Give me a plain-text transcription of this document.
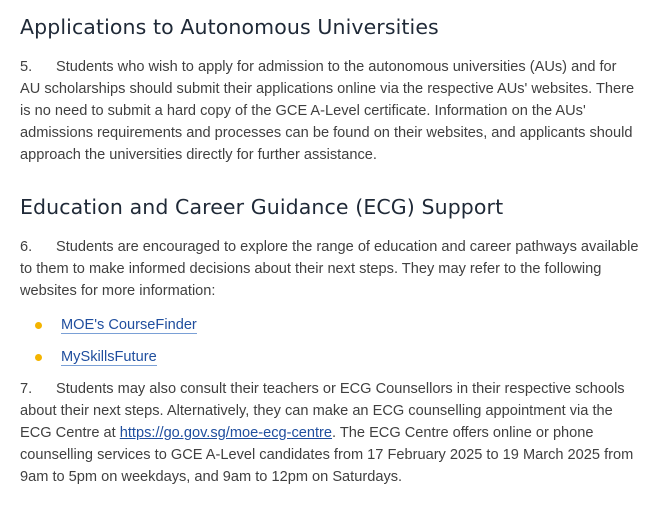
Applications to Autonomous Universities

5. Students who wish to apply for admission to the autonomous universities (AUs) and for AU scholarships should submit their applications online via the respective AUs' websites. There is no need to submit a hard copy of the GCE A-Level certificate. Information on the AUs' admissions requirements and processes can be found on their websites, and applicants should approach the universities directly for further assistance.

Education and Career Guidance (ECG) Support

6. Students are encouraged to explore the range of education and career pathways available to them to make informed decisions about their next steps. They may refer to the following websites for more information:

MOE's CourseFinder
MySkillsFuture

7. Students may also consult their teachers or ECG Counsellors in their respective schools about their next steps. Alternatively, they can make an ECG counselling appointment via the ECG Centre at https://go.gov.sg/moe-ecg-centre. The ECG Centre offers online or phone counselling services to GCE A-Level candidates from 17 February 2025 to 19 March 2025 from 9am to 5pm on weekdays, and 9am to 12pm on Saturdays.
